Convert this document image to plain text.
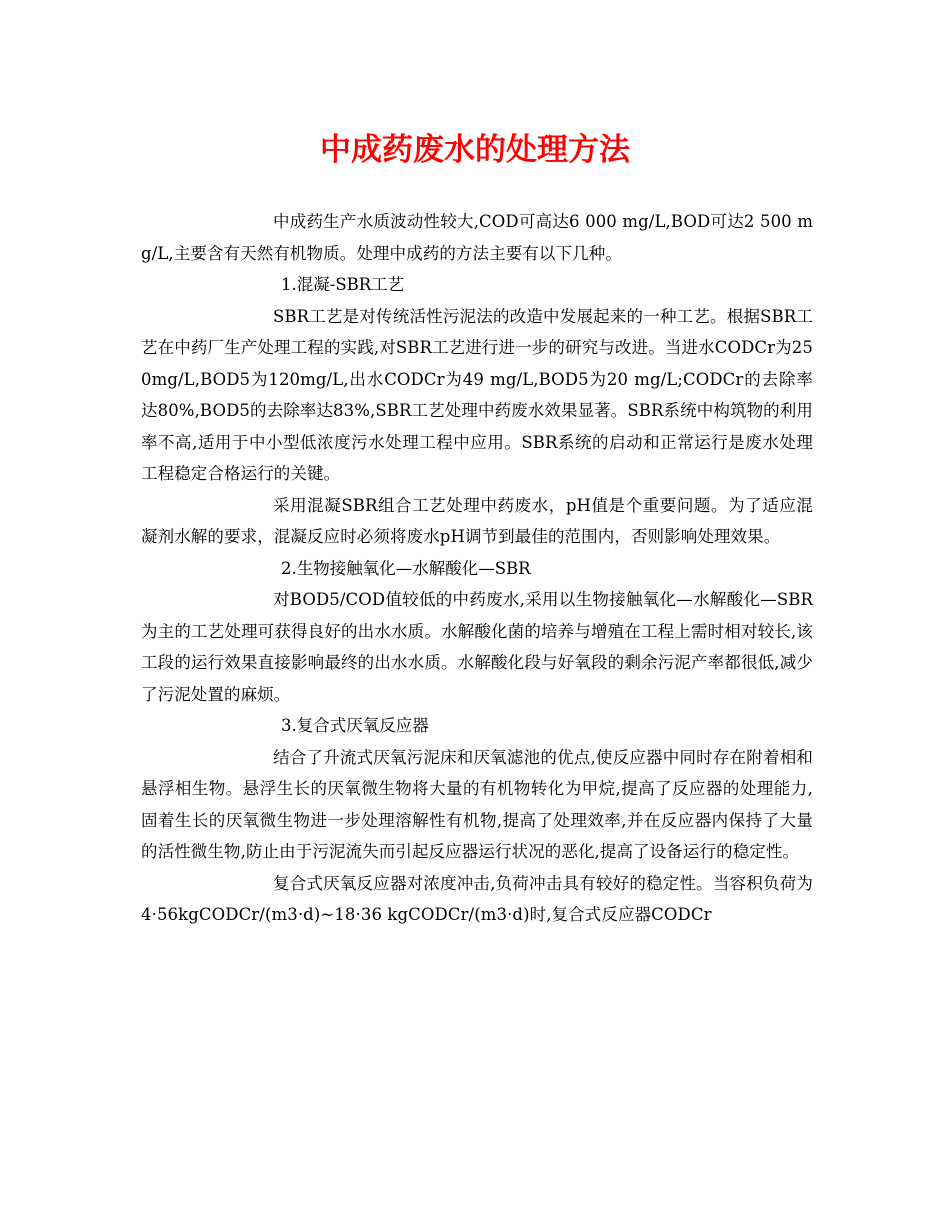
中成药废水的处理方法

中成药生产水质波动性较大,COD可高达6 000 mg/L,BOD可达2 500 mg/L,主要含有天然有机物质。处理中成药的方法主要有以下几种。

1.混凝-SBR工艺

SBR工艺是对传统活性污泥法的改造中发展起来的一种工艺。根据SBR工艺在中药厂生产处理工程的实践,对SBR工艺进行进一步的研究与改进。当进水CODCr为250mg/L,BOD5为120mg/L,出水CODCr为49 mg/L,BOD5为20 mg/L;CODCr的去除率达80%,BOD5的去除率达83%,SBR工艺处理中药废水效果显著。SBR系统中构筑物的利用率不高,适用于中小型低浓度污水处理工程中应用。SBR系统的启动和正常运行是废水处理工程稳定合格运行的关键。

采用混凝SBR组合工艺处理中药废水，pH值是个重要问题。为了适应混凝剂水解的要求，混凝反应时必须将废水pH调节到最佳的范围内，否则影响处理效果。

2.生物接触氧化—水解酸化—SBR

对BOD5/COD值较低的中药废水,采用以生物接触氧化—水解酸化—SBR为主的工艺处理可获得良好的出水水质。水解酸化菌的培养与增殖在工程上需时相对较长,该工段的运行效果直接影响最终的出水水质。水解酸化段与好氧段的剩余污泥产率都很低,减少了污泥处置的麻烦。

3.复合式厌氧反应器

结合了升流式厌氧污泥床和厌氧滤池的优点,使反应器中同时存在附着相和悬浮相生物。悬浮生长的厌氧微生物将大量的有机物转化为甲烷,提高了反应器的处理能力,固着生长的厌氧微生物进一步处理溶解性有机物,提高了处理效率,并在反应器内保持了大量的活性微生物,防止由于污泥流失而引起反应器运行状况的恶化,提高了设备运行的稳定性。

复合式厌氧反应器对浓度冲击,负荷冲击具有较好的稳定性。当容积负荷为4·56kgCODCr/(m3·d)~18·36 kgCODCr/(m3·d)时,复合式反应器CODCr
